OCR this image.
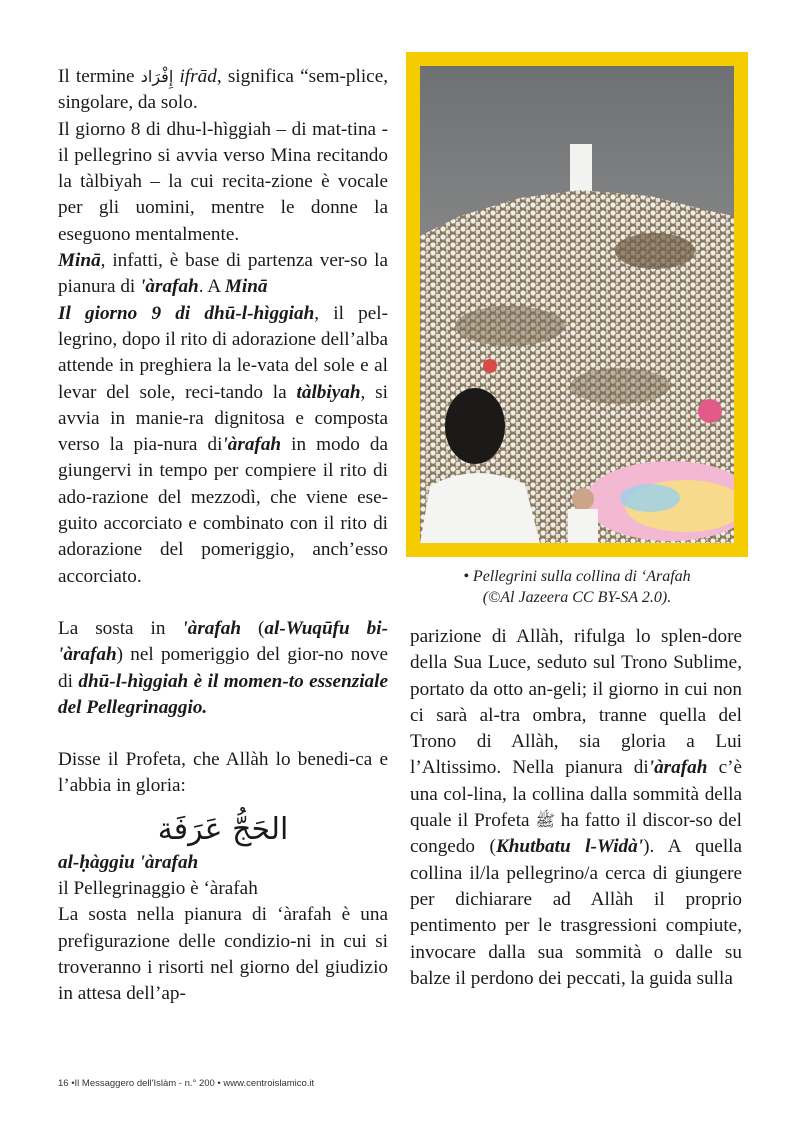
Il termine إِفْرَاد ifrād, significa “sem-plice, singolare, da solo.

Il giorno 8 di dhu-l-hìggiah – di mat-tina - il pellegrino si avvia verso Mina recitando la tàlbiyah – la cui recita-zione è vocale per gli uomini, mentre le donne la eseguono mentalmente.

Minā, infatti, è base di partenza ver-so la pianura di 'àrafah. A Minā

Il giorno 9 di dhū-l-hìggiah, il pel-legrino, dopo il rito di adorazione dell’alba attende in preghiera la le-vata del sole e al levar del sole, reci-tando la tàlbiyah, si avvia in manie-ra dignitosa e composta verso la pia-nura di'àrafah in modo da giungervi in tempo per compiere il rito di ado-razione del mezzodì, che viene ese-guito accorciato e combinato con il rito di adorazione del pomeriggio, anch’esso accorciato.

La sosta in 'àrafah (al-Wuqūfu bi-'àrafah) nel pomeriggio del gior-no nove di dhū-l-hìggiah è il momen-to essenziale del Pellegrinaggio.

Disse il Profeta, che Allàh lo benedi-ca e l’abbia in gloria:

الحَجُّ عَرَفَة

al-ḥàggiu 'àrafah

il Pellegrinaggio è ʻàrafah

La sosta nella pianura di ʻàrafah è una prefigurazione delle condizio-ni in cui si troveranno i risorti nel giorno del giudizio in attesa dell’ap-

• Pellegrini sulla collina di ʻArafah
(©Al Jazeera CC BY-SA 2.0).

parizione di Allàh, rifulga lo splen-dore della Sua Luce, seduto sul Trono Sublime, portato da otto an-geli; il giorno in cui non ci sarà al-tra ombra, tranne quella del Trono di Allàh, sia gloria a Lui l’Altissimo. Nella pianura di'àrafah c’è una col-lina, la collina dalla sommità della quale il Profeta ﷺ ha fatto il discor-so del congedo (Khutbatu l-Widà'). A quella collina il/la pellegrino/a cerca di giungere per dichiarare ad Allàh il proprio pentimento per le trasgressioni compiute, invocare dalla sua sommità o dalle su balze il perdono dei peccati, la guida sulla

16 •Il Messaggero dell'Islàm - n.° 200 • www.centroislamico.it
